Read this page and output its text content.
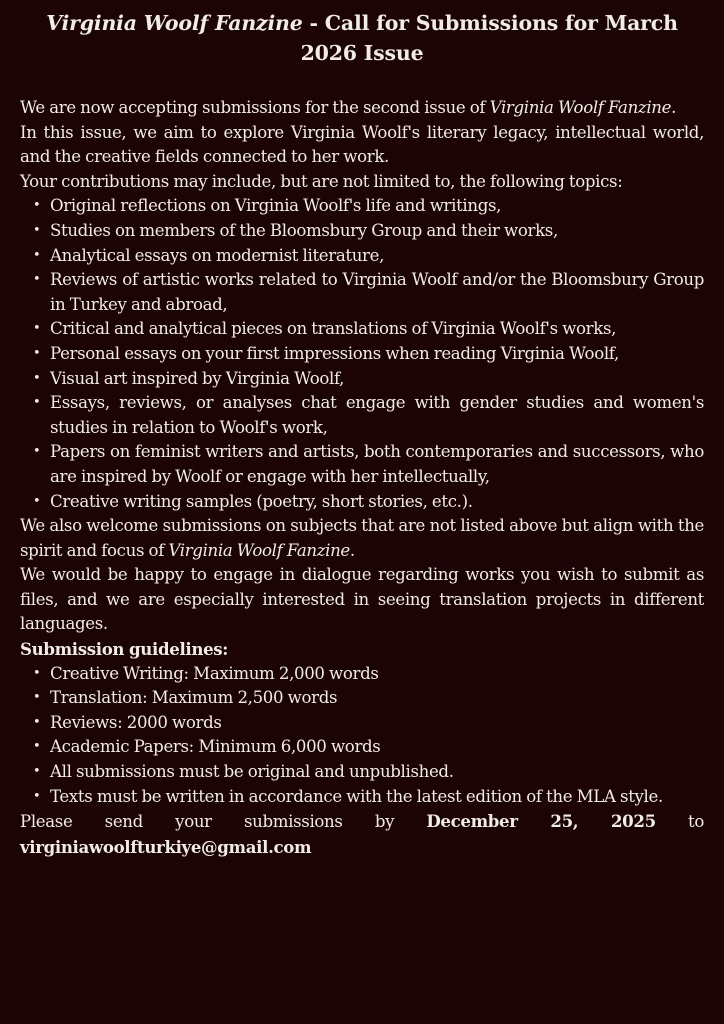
Virginia Woolf Fanzine - Call for Submissions for March 2026 Issue

We are now accepting submissions for the second issue of Virginia Woolf Fanzine.

In this issue, we aim to explore Virginia Woolf's literary legacy, intellectual world, and the creative fields connected to her work.

Your contributions may include, but are not limited to, the following topics:

• Original reflections on Virginia Woolf's life and writings,
• Studies on members of the Bloomsbury Group and their works,
• Analytical essays on modernist literature,
• Reviews of artistic works related to Virginia Woolf and/or the Bloomsbury Group in Turkey and abroad,
• Critical and analytical pieces on translations of Virginia Woolf's works,
• Personal essays on your first impressions when reading Virginia Woolf,
• Visual art inspired by Virginia Woolf,
• Essays, reviews, or analyses chat engage with gender studies and women's studies in relation to Woolf's work,
• Papers on feminist writers and artists, both contemporaries and successors, who are inspired by Woolf or engage with her intellectually,
• Creative writing samples (poetry, short stories, etc.).

We also welcome submissions on subjects that are not listed above but align with the spirit and focus of Virginia Woolf Fanzine.

We would be happy to engage in dialogue regarding works you wish to submit as files, and we are especially interested in seeing translation projects in different languages.

Submission guidelines:

• Creative Writing: Maximum 2,000 words
• Translation: Maximum 2,500 words
• Reviews: 2000 words
• Academic Papers: Minimum 6,000 words
• All submissions must be original and unpublished.
• Texts must be written in accordance with the latest edition of the MLA style.

Please send your submissions by December 25, 2025 to

virginiawoolfturkiye@gmail.com
